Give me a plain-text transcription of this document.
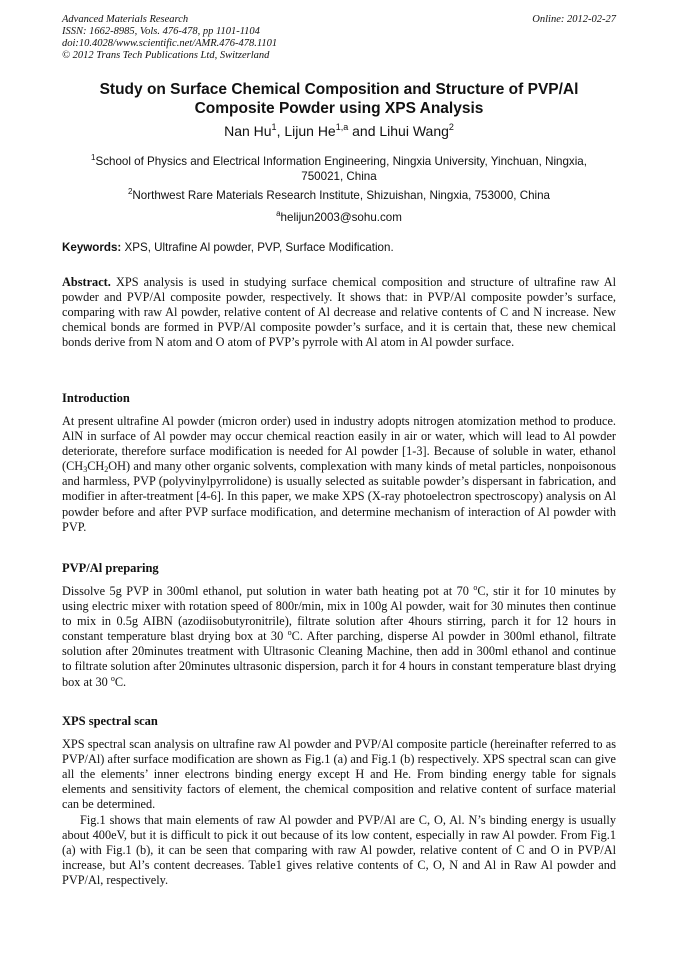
Advanced Materials Research
ISSN: 1662-8985, Vols. 476-478, pp 1101-1104
doi:10.4028/www.scientific.net/AMR.476-478.1101
© 2012 Trans Tech Publications Ltd, Switzerland
Online: 2012-02-27
Study on Surface Chemical Composition and Structure of PVP/Al
Composite Powder using XPS Analysis
Nan Hu$^1$, Lijun He$^{1,a}$ and Lihui Wang$^2$
$^1$School of Physics and Electrical Information Engineering, Ningxia University, Yinchuan, Ningxia,
750021, China
$^2$Northwest Rare Materials Research Institute, Shizuishan, Ningxia, 753000, China
$^a$helijun2003@sohu.com
Keywords: XPS, Ultrafine Al powder, PVP, Surface Modification.
Abstract. XPS analysis is used in studying surface chemical composition and structure of ultrafine raw Al powder and PVP/Al composite powder, respectively. It shows that: in PVP/Al composite powder’s surface, comparing with raw Al powder, relative content of Al decrease and relative contents of C and N increase. New chemical bonds are formed in PVP/Al composite powder’s surface, and it is certain that, these new chemical bonds derive from N atom and O atom of PVP’s pyrrole with Al atom in Al powder surface.
Introduction
At present ultrafine Al powder (micron order) used in industry adopts nitrogen atomization method to produce. AlN in surface of Al powder may occur chemical reaction easily in air or water, which will lead to Al powder deteriorate, therefore surface modification is needed for Al powder [1-3]. Because of soluble in water, ethanol $(CH_3CH_2OH)$ and many other organic solvents, complexation with many kinds of metal particles, nonpoisonous and harmless, PVP (polyvinylpyrrolidone) is usually selected as suitable powder’s dispersant in fabrication, and modifier in after-treatment [4-6]. In this paper, we make XPS (X-ray photoelectron spectroscopy) analysis on Al powder before and after PVP surface modification, and determine mechanism of interaction of Al powder with PVP.
PVP/Al preparing
Dissolve 5g PVP in 300ml ethanol, put solution in water bath heating pot at 70 $^o$C, stir it for 10 minutes by using electric mixer with rotation speed of 800r/min, mix in 100g Al powder, wait for 30 minutes then continue to mix in 0.5g AIBN (azodiisobutyronitrile), filtrate solution after 4hours stirring, parch it for 12 hours in constant temperature blast drying box at 30 $^o$C. After parching, disperse Al powder in 300ml ethanol, filtrate solution after 20minutes treatment with Ultrasonic Cleaning Machine, then add in 300ml ethanol and continue to filtrate solution after 20minutes ultrasonic dispersion, parch it for 4 hours in constant temperature blast drying box at 30 $^o$C.
XPS spectral scan
XPS spectral scan analysis on ultrafine raw Al powder and PVP/Al composite particle (hereinafter referred to as PVP/Al) after surface modification are shown as Fig.1 (a) and Fig.1 (b) respectively. XPS spectral scan can give all the elements’ inner electrons binding energy except H and He. From binding energy table for signals elements and sensitivity factors of element, the chemical composition and relative content of surface material can be determined.
Fig.1 shows that main elements of raw Al powder and PVP/Al are C, O, Al. N’s binding energy is usually about 400eV, but it is difficult to pick it out because of its low content, especially in raw Al powder. From Fig.1 (a) with Fig.1 (b), it can be seen that comparing with raw Al powder, relative content of C and O in PVP/Al increase, but Al’s content decreases. Table1 gives relative contents of C, O, N and Al in Raw Al powder and PVP/Al, respectively.
